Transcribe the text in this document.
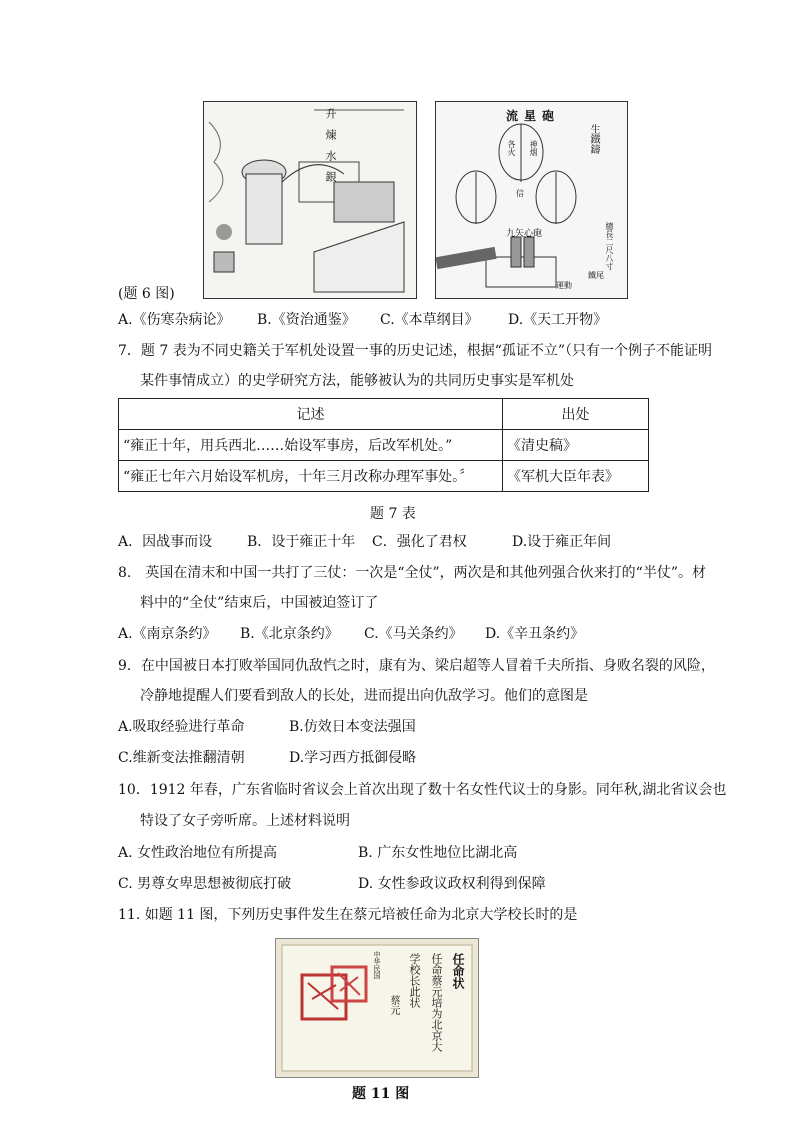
升煉水銀	流星砲
生鐵鑄
神烟
各火
信
九矢心砲	總長二尺八寸
運動
鐵尾
(题 6 图)
A.《伤寒杂病论》 B.《资治通鉴》 C.《本草纲目》 D.《天工开物》
7．题 7 表为不同史籍关于军机处设置一事的历史记述，根据“孤证不立”（只有一个例子不能证明
某件事情成立）的史学研究方法，能够被认为的共同历史事实是军机处
记述	出处
“雍正十年，用兵西北……始设军事房，后改军机处。”	《清史稿》
“雍正七年六月始设军机房，十年三月改称办理军事处。〞	《军机大臣年表》
题 7 表
A．因战事而设 B．设于雍正十年 C．强化了君权	D.设于雍正年间
8.　英国在清末和中国一共打了三仗：一次是“全仗”，两次是和其他列强合伙来打的“半仗”。材
料中的“全仗”结束后，中国被迫签订了
A.《南京条约》 B.《北京条约》 C.《马关条约》 D.《辛丑条约》
9．在中国被日本打败举国同仇敌忾之时，康有为、梁启超等人冒着千夫所指、身败名裂的风险，
冷静地提醒人们要看到敌人的长处，进而提出向仇敌学习。他们的意图是
A.吸取经验进行革命	B.仿效日本变法强国
C.维新变法推翻清朝	D.学习西方抵御侵略
10．1912 年春，广东省临时省议会上首次出现了数十名女性代议士的身影。同年秋,湖北省议会也
特设了女子旁听席。上述材料说明
A. 女性政治地位有所提高	B. 广东女性地位比湖北高
C. 男尊女卑思想被彻底打破	D. 女性参政议政权利得到保障
11. 如题 11 图，下列历史事件发生在蔡元培被任命为北京大学校长时的是
任命状
任命蔡元培为北京大
学校长此状
蔡元
中华民国
题 11 图
